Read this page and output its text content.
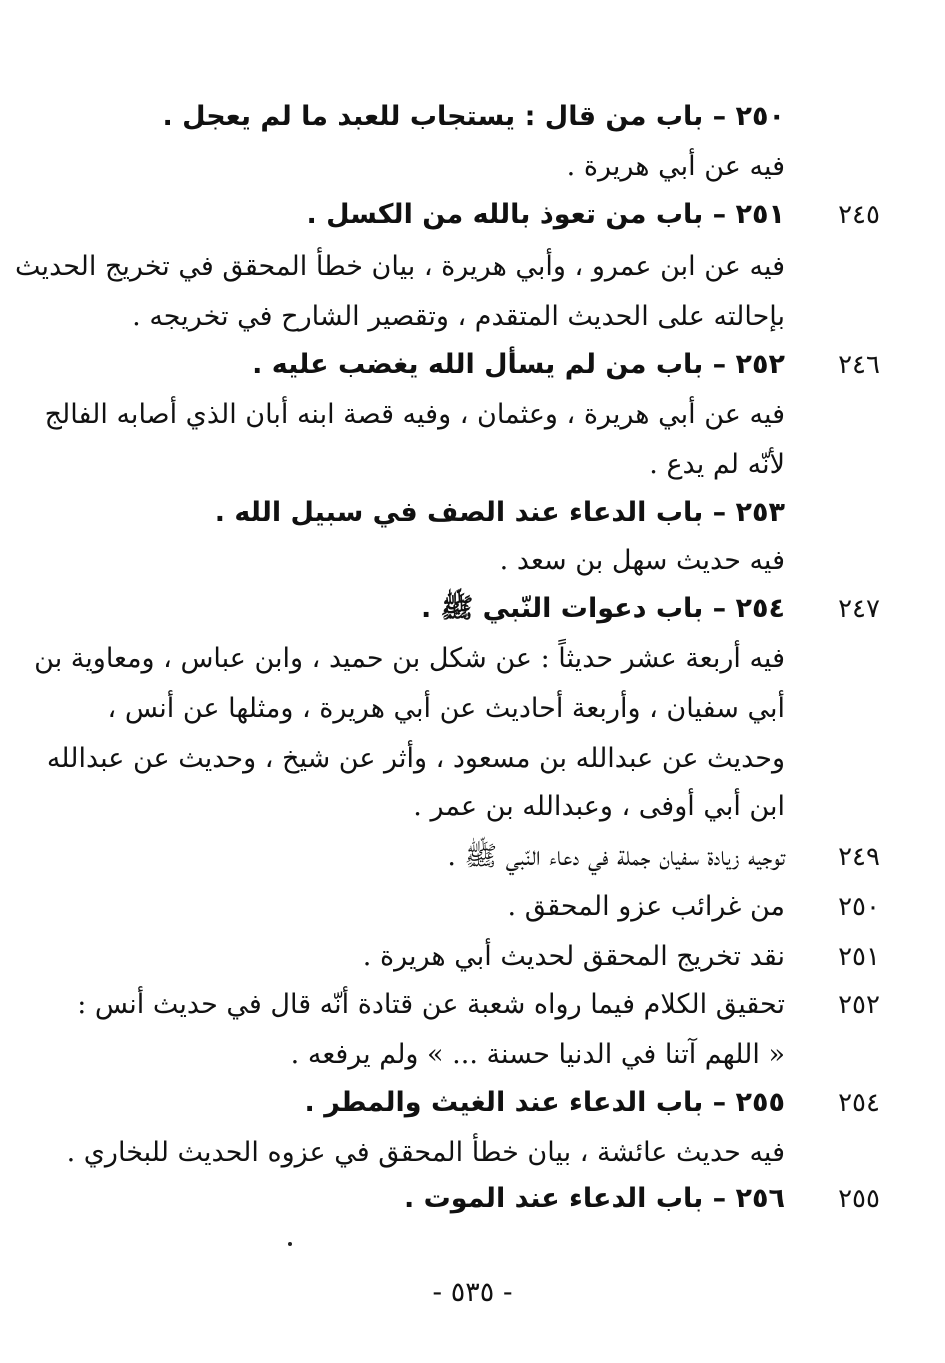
٢٥٠ – باب من قال : يستجاب للعبد ما لم يعجل .
فيه عن أبي هريرة .
٢٤٥
٢٥١ – باب من تعوذ بالله من الكسل .
فيه عن ابن عمرو ، وأبي هريرة ، بيان خطأ المحقق في تخريج الحديث
بإحالته على الحديث المتقدم ، وتقصير الشارح في تخريجه .
٢٤٦
٢٥٢ – باب من لم يسأل الله يغضب عليه .
فيه عن أبي هريرة ، وعثمان ، وفيه قصة ابنه أبان الذي أصابه الفالج
لأنّه لم يدع .
٢٥٣ – باب الدعاء عند الصف في سبيل الله .
فيه حديث سهل بن سعد .
٢٤٧
٢٥٤ – باب دعوات النّبي ﷺ .
فيه أربعة عشر حديثاً : عن شكل بن حميد ، وابن عباس ، ومعاوية بن
أبي سفيان ، وأربعة أحاديث عن أبي هريرة ، ومثلها عن أنس ،
وحديث عن عبدالله بن مسعود ، وأثر عن شيخ ، وحديث عن عبدالله
ابن أبي أوفى ، وعبدالله بن عمر .
٢٤٩
توجيه زيادة سفيان جملة في دعاء النّبي ﷺ .
٢٥٠
من غرائب عزو المحقق .
٢٥١
نقد تخريج المحقق لحديث أبي هريرة .
٢٥٢
تحقيق الكلام فيما رواه شعبة عن قتادة أنّه قال في حديث أنس :
« اللهم آتنا في الدنيا حسنة ... » ولم يرفعه .
٢٥٤
٢٥٥ – باب الدعاء عند الغيث والمطر .
فيه حديث عائشة ، بيان خطأ المحقق في عزوه الحديث للبخاري .
٢٥٥
٢٥٦ – باب الدعاء عند الموت .
- ٥٣٥ -
